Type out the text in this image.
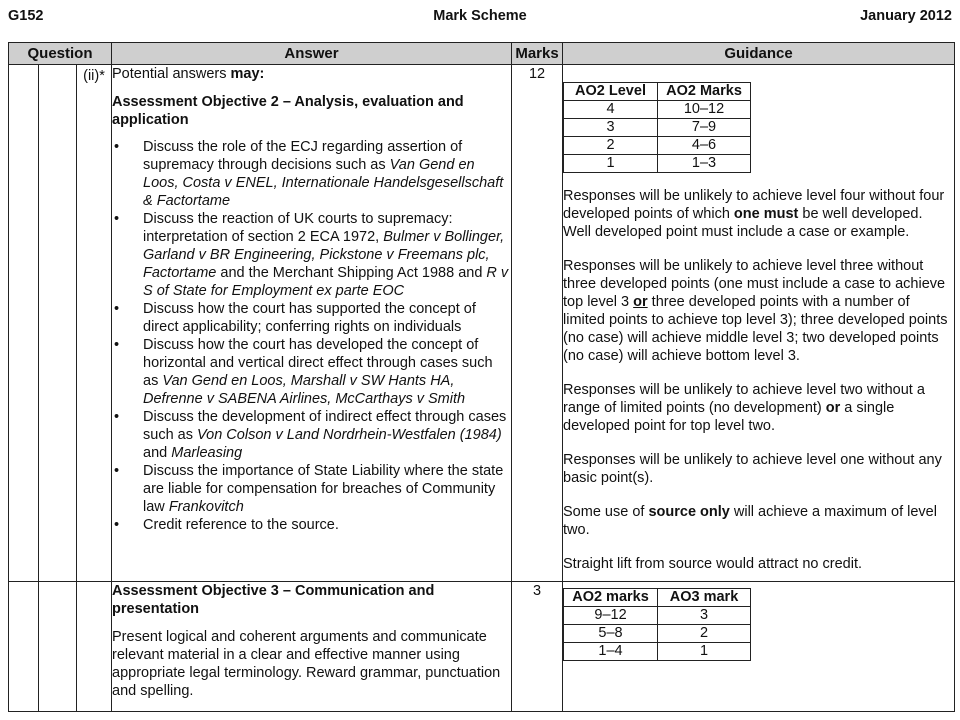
Mark Scheme
G152	January 2012
Question	Answer	Marks	Guidance
		(ii)*	Potential answers may:

Assessment Objective 2 – Analysis, evaluation and application

• Discuss the role of the ECJ regarding assertion of supremacy through decisions such as Van Gend en Loos, Costa v ENEL, Internationale Handelsgesellschaft & Factortame
• Discuss the reaction of UK courts to supremacy: interpretation of section 2 ECA 1972, Bulmer v Bollinger, Garland v BR Engineering, Pickstone v Freemans plc, Factortame and the Merchant Shipping Act 1988 and R v S of State for Employment ex parte EOC
• Discuss how the court has supported the concept of direct applicability; conferring rights on individuals
• Discuss how the court has developed the concept of horizontal and vertical direct effect through cases such as Van Gend en Loos, Marshall v SW Hants HA, Defrenne v SABENA Airlines, McCarthays v Smith
• Discuss the development of indirect effect through cases such as Von Colson v Land Nordrhein-Westfalen (1984) and Marleasing
• Discuss the importance of State Liability where the state are liable for compensation for breaches of Community law Frankovitch
• Credit reference to the source.
	12	
AO2 Level	AO2 Marks
4	10–12
3	7–9
2	4–6
1	1–3

Responses will be unlikely to achieve level four without four developed points of which one must be well developed. Well developed point must include a case or example.

Responses will be unlikely to achieve level three without three developed points (one must include a case to achieve top level 3 or three developed points with a number of limited points to achieve top level 3); three developed points (no case) will achieve middle level 3; two developed points (no case) will achieve bottom level 3.

Responses will be unlikely to achieve level two without a range of limited points (no development) or a single developed point for top level two.

Responses will be unlikely to achieve level one without any basic point(s).

Some use of source only will achieve a maximum of level two.

Straight lift from source would attract no credit.

Assessment Objective 3 – Communication and presentation

Present logical and coherent arguments and communicate relevant material in a clear and effective manner using appropriate legal terminology. Reward grammar, punctuation and spelling.

	3	AO2 marks	AO3 mark
9–12	3
5–8	2
1–4	1
